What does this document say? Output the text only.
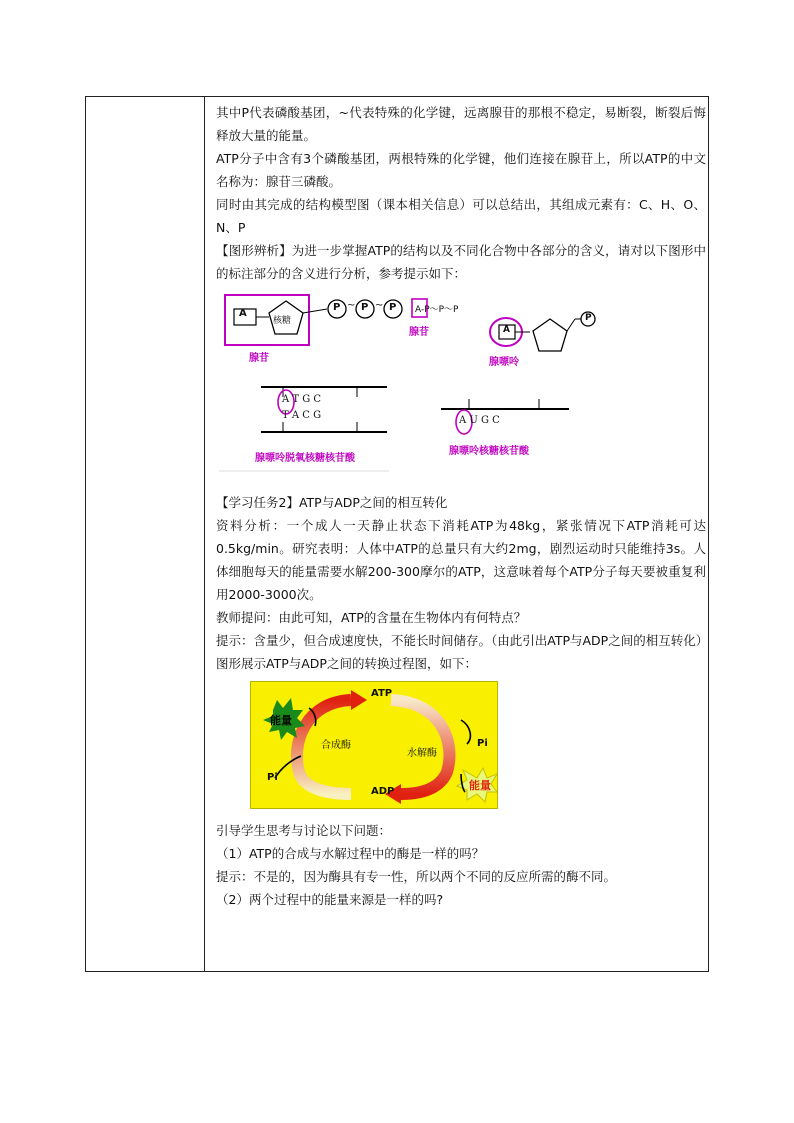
其中P代表磷酸基团，~代表特殊的化学键，远离腺苷的那根不稳定，易断裂，断裂后悔释放大量的能量。

ATP分子中含有3个磷酸基团，两根特殊的化学键，他们连接在腺苷上，所以ATP的中文名称为：腺苷三磷酸。

同时由其完成的结构模型图（课本相关信息）可以总结出，其组成元素有：C、H、O、N、P

【图形辨析】为进一步掌握ATP的结构以及不同化合物中各部分的含义，请对以下图形中的标注部分的含义进行分析，参考提示如下：

A
核糖
P ~ P ~ P A-P～P～P
腺苷
腺苷	A
P
腺嘌呤
A T G C
T A C G
腺嘌呤脱氧核糖核苷酸
A U G C
腺嘌呤核糖核苷酸

【学习任务2】ATP与ADP之间的相互转化

资料分析：一个成人一天静止状态下消耗ATP为48kg，紧张情况下ATP消耗可达0.5kg/min。研究表明：人体中ATP的总量只有大约2mg，剧烈运动时只能维持3s。人体细胞每天的能量需要水解200-300摩尔的ATP，这意味着每个ATP分子每天要被重复利用2000-3000次。

教师提问：由此可知，ATP的含量在生物体内有何特点？

提示：含量少，但合成速度快，不能长时间储存。（由此引出ATP与ADP之间的相互转化）

图形展示ATP与ADP之间的转换过程图，如下：

ATP
ADP
能量
能量
Pi
Pi
合成酶
水解酶

引导学生思考与讨论以下问题：

（1）ATP的合成与水解过程中的酶是一样的吗？

提示：不是的，因为酶具有专一性，所以两个不同的反应所需的酶不同。

（2）两个过程中的能量来源是一样的吗?
